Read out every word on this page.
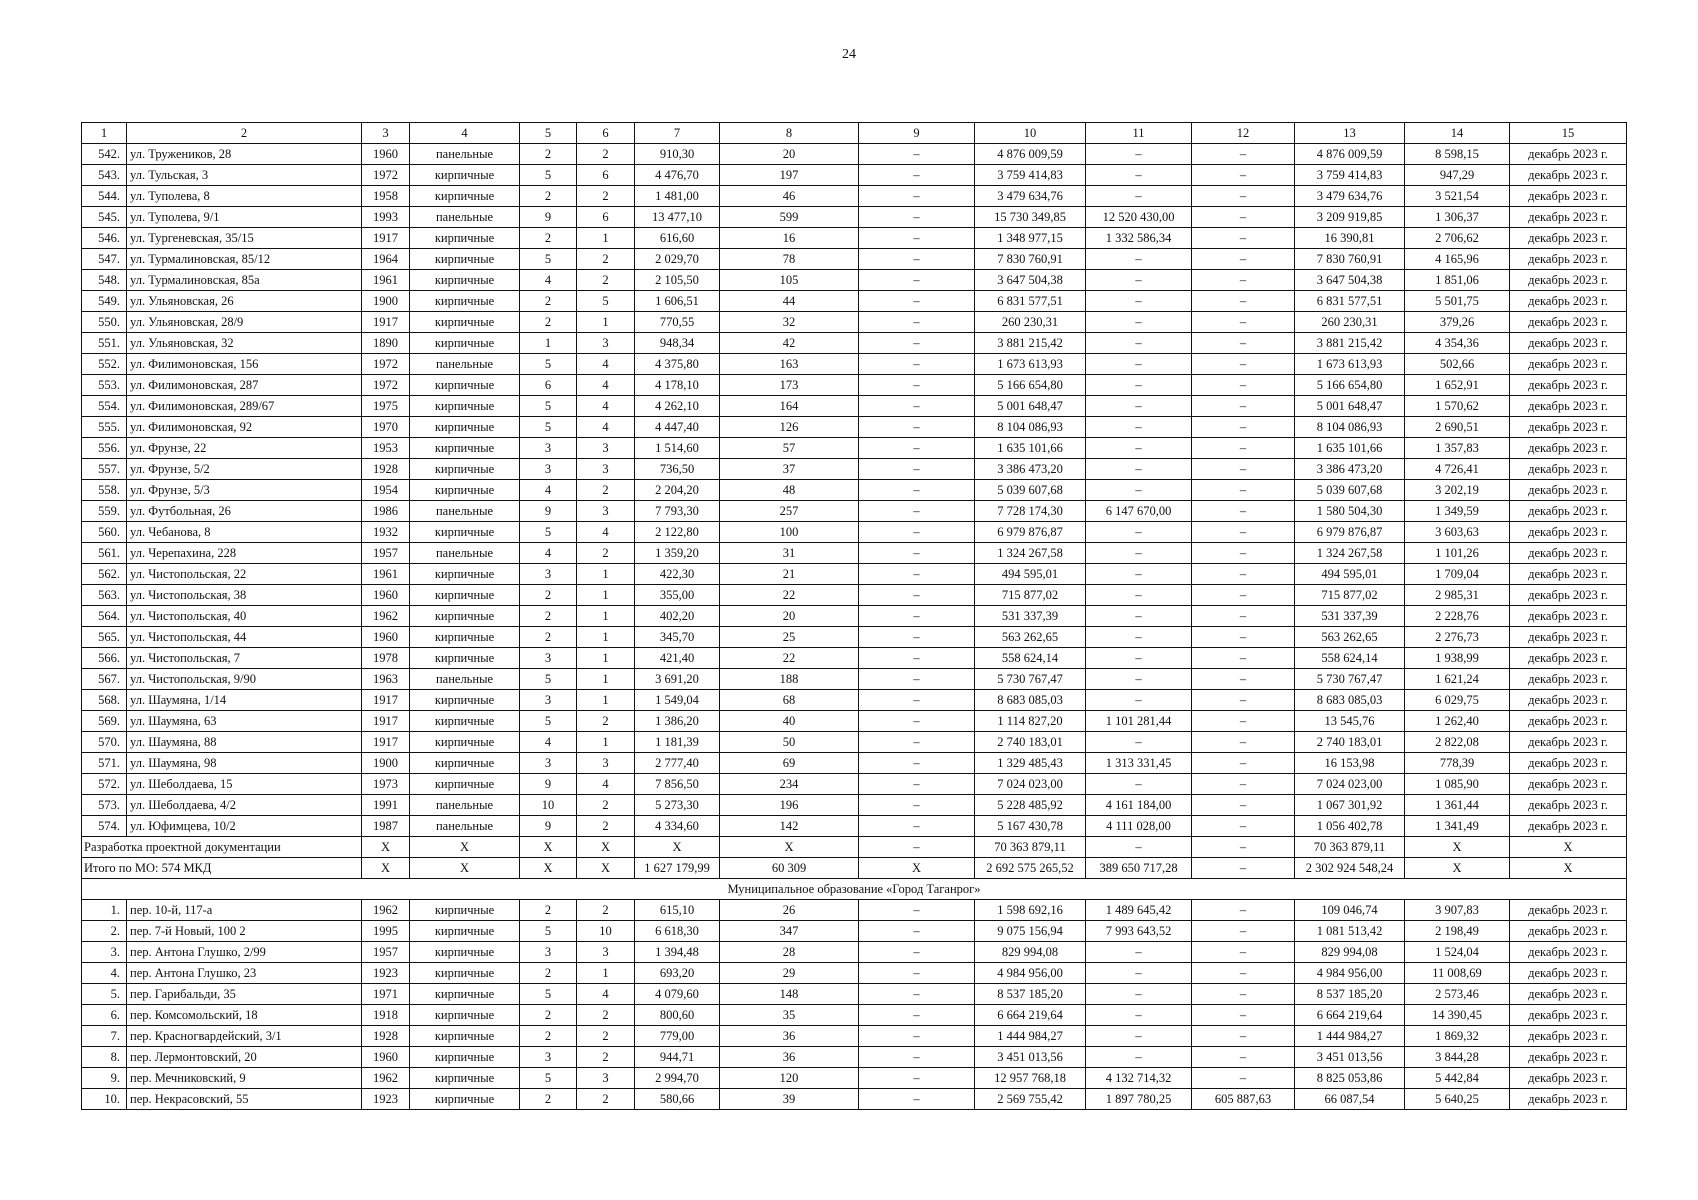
24
1	2	3	4	5	6	7	8	9	10	11	12	13	14	15
542.	ул. Тружеников, 28	1960	панельные	2	2	910,30	20	–	4 876 009,59	–	–	4 876 009,59	8 598,15	декабрь 2023 г.
543.	ул. Тульская, 3	1972	кирпичные	5	6	4 476,70	197	–	3 759 414,83	–	–	3 759 414,83	947,29	декабрь 2023 г.
544.	ул. Туполева, 8	1958	кирпичные	2	2	1 481,00	46	–	3 479 634,76	–	–	3 479 634,76	3 521,54	декабрь 2023 г.
545.	ул. Туполева, 9/1	1993	панельные	9	6	13 477,10	599	–	15 730 349,85	12 520 430,00	–	3 209 919,85	1 306,37	декабрь 2023 г.
546.	ул. Тургеневская, 35/15	1917	кирпичные	2	1	616,60	16	–	1 348 977,15	1 332 586,34	–	16 390,81	2 706,62	декабрь 2023 г.
547.	ул. Турмалиновская, 85/12	1964	кирпичные	5	2	2 029,70	78	–	7 830 760,91	–	–	7 830 760,91	4 165,96	декабрь 2023 г.
548.	ул. Турмалиновская, 85а	1961	кирпичные	4	2	2 105,50	105	–	3 647 504,38	–	–	3 647 504,38	1 851,06	декабрь 2023 г.
549.	ул. Ульяновская, 26	1900	кирпичные	2	5	1 606,51	44	–	6 831 577,51	–	–	6 831 577,51	5 501,75	декабрь 2023 г.
550.	ул. Ульяновская, 28/9	1917	кирпичные	2	1	770,55	32	–	260 230,31	–	–	260 230,31	379,26	декабрь 2023 г.
551.	ул. Ульяновская, 32	1890	кирпичные	1	3	948,34	42	–	3 881 215,42	–	–	3 881 215,42	4 354,36	декабрь 2023 г.
552.	ул. Филимоновская, 156	1972	панельные	5	4	4 375,80	163	–	1 673 613,93	–	–	1 673 613,93	502,66	декабрь 2023 г.
553.	ул. Филимоновская, 287	1972	кирпичные	6	4	4 178,10	173	–	5 166 654,80	–	–	5 166 654,80	1 652,91	декабрь 2023 г.
554.	ул. Филимоновская, 289/67	1975	кирпичные	5	4	4 262,10	164	–	5 001 648,47	–	–	5 001 648,47	1 570,62	декабрь 2023 г.
555.	ул. Филимоновская, 92	1970	кирпичные	5	4	4 447,40	126	–	8 104 086,93	–	–	8 104 086,93	2 690,51	декабрь 2023 г.
556.	ул. Фрунзе, 22	1953	кирпичные	3	3	1 514,60	57	–	1 635 101,66	–	–	1 635 101,66	1 357,83	декабрь 2023 г.
557.	ул. Фрунзе, 5/2	1928	кирпичные	3	3	736,50	37	–	3 386 473,20	–	–	3 386 473,20	4 726,41	декабрь 2023 г.
558.	ул. Фрунзе, 5/3	1954	кирпичные	4	2	2 204,20	48	–	5 039 607,68	–	–	5 039 607,68	3 202,19	декабрь 2023 г.
559.	ул. Футбольная, 26	1986	панельные	9	3	7 793,30	257	–	7 728 174,30	6 147 670,00	–	1 580 504,30	1 349,59	декабрь 2023 г.
560.	ул. Чебанова, 8	1932	кирпичные	5	4	2 122,80	100	–	6 979 876,87	–	–	6 979 876,87	3 603,63	декабрь 2023 г.
561.	ул. Черепахина, 228	1957	панельные	4	2	1 359,20	31	–	1 324 267,58	–	–	1 324 267,58	1 101,26	декабрь 2023 г.
562.	ул. Чистопольская, 22	1961	кирпичные	3	1	422,30	21	–	494 595,01	–	–	494 595,01	1 709,04	декабрь 2023 г.
563.	ул. Чистопольская, 38	1960	кирпичные	2	1	355,00	22	–	715 877,02	–	–	715 877,02	2 985,31	декабрь 2023 г.
564.	ул. Чистопольская, 40	1962	кирпичные	2	1	402,20	20	–	531 337,39	–	–	531 337,39	2 228,76	декабрь 2023 г.
565.	ул. Чистопольская, 44	1960	кирпичные	2	1	345,70	25	–	563 262,65	–	–	563 262,65	2 276,73	декабрь 2023 г.
566.	ул. Чистопольская, 7	1978	кирпичные	3	1	421,40	22	–	558 624,14	–	–	558 624,14	1 938,99	декабрь 2023 г.
567.	ул. Чистопольская, 9/90	1963	панельные	5	1	3 691,20	188	–	5 730 767,47	–	–	5 730 767,47	1 621,24	декабрь 2023 г.
568.	ул. Шаумяна, 1/14	1917	кирпичные	3	1	1 549,04	68	–	8 683 085,03	–	–	8 683 085,03	6 029,75	декабрь 2023 г.
569.	ул. Шаумяна, 63	1917	кирпичные	5	2	1 386,20	40	–	1 114 827,20	1 101 281,44	–	13 545,76	1 262,40	декабрь 2023 г.
570.	ул. Шаумяна, 88	1917	кирпичные	4	1	1 181,39	50	–	2 740 183,01	–	–	2 740 183,01	2 822,08	декабрь 2023 г.
571.	ул. Шаумяна, 98	1900	кирпичные	3	3	2 777,40	69	–	1 329 485,43	1 313 331,45	–	16 153,98	778,39	декабрь 2023 г.
572.	ул. Шеболдаева, 15	1973	кирпичные	9	4	7 856,50	234	–	7 024 023,00	–	–	7 024 023,00	1 085,90	декабрь 2023 г.
573.	ул. Шеболдаева, 4/2	1991	панельные	10	2	5 273,30	196	–	5 228 485,92	4 161 184,00	–	1 067 301,92	1 361,44	декабрь 2023 г.
574.	ул. Юфимцева, 10/2	1987	панельные	9	2	4 334,60	142	–	5 167 430,78	4 111 028,00	–	1 056 402,78	1 341,49	декабрь 2023 г.
Разработка проектной документации		X	X	X	X	X	X	–	70 363 879,11	–	–	70 363 879,11	X	X
Итого по МО: 574 МКД		X	X	X	X	1 627 179,99	60 309	X	2 692 575 265,52	389 650 717,28	–	2 302 924 548,24	X	X
Муниципальное образование «Город Таганрог»														
1.	пер. 10-й, 117-а	1962	кирпичные	2	2	615,10	26	–	1 598 692,16	1 489 645,42	–	109 046,74	3 907,83	декабрь 2023 г.
2.	пер. 7-й Новый, 100 2	1995	кирпичные	5	10	6 618,30	347	–	9 075 156,94	7 993 643,52	–	1 081 513,42	2 198,49	декабрь 2023 г.
3.	пер. Антона Глушко, 2/99	1957	кирпичные	3	3	1 394,48	28	–	829 994,08	–	–	829 994,08	1 524,04	декабрь 2023 г.
4.	пер. Антона Глушко, 23	1923	кирпичные	2	1	693,20	29	–	4 984 956,00	–	–	4 984 956,00	11 008,69	декабрь 2023 г.
5.	пер. Гарибальди, 35	1971	кирпичные	5	4	4 079,60	148	–	8 537 185,20	–	–	8 537 185,20	2 573,46	декабрь 2023 г.
6.	пер. Комсомольский, 18	1918	кирпичные	2	2	800,60	35	–	6 664 219,64	–	–	6 664 219,64	14 390,45	декабрь 2023 г.
7.	пер. Красногвардейский, 3/1	1928	кирпичные	2	2	779,00	36	–	1 444 984,27	–	–	1 444 984,27	1 869,32	декабрь 2023 г.
8.	пер. Лермонтовский, 20	1960	кирпичные	3	2	944,71	36	–	3 451 013,56	–	–	3 451 013,56	3 844,28	декабрь 2023 г.
9.	пер. Мечниковский, 9	1962	кирпичные	5	3	2 994,70	120	–	12 957 768,18	4 132 714,32	–	8 825 053,86	5 442,84	декабрь 2023 г.
10.	пер. Некрасовский, 55	1923	кирпичные	2	2	580,66	39	–	2 569 755,42	1 897 780,25	605 887,63	66 087,54	5 640,25	декабрь 2023 г.
